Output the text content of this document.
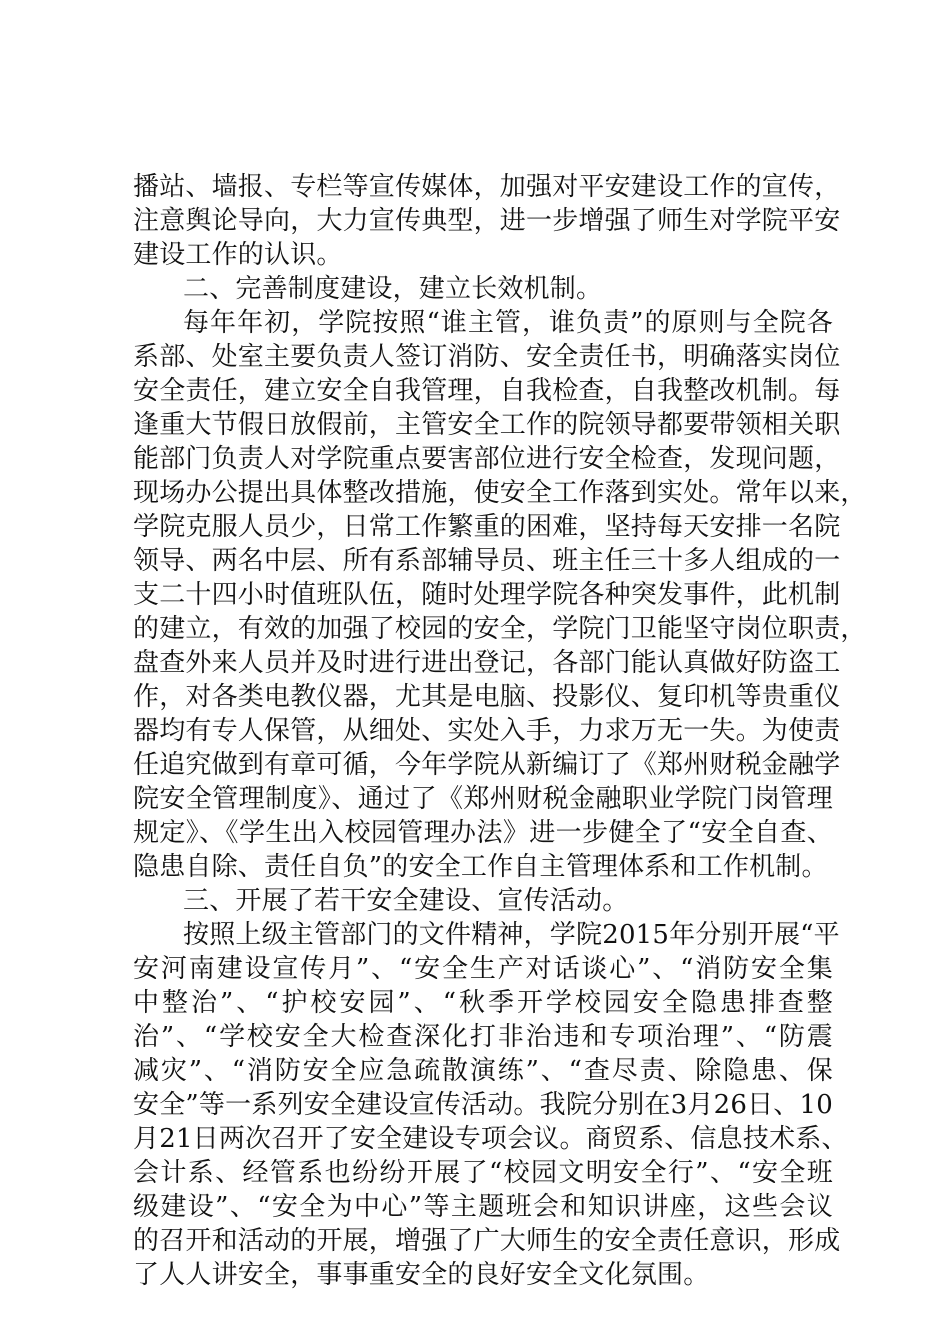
播站、墙报、专栏等宣传媒体，加强对平安建设工作的宣传，
注意舆论导向，大力宣传典型，进一步增强了师生对学院平安
建设工作的认识。
二、完善制度建设，建立长效机制。
每年年初，学院按照“谁主管，谁负责”的原则与全院各
系部、处室主要负责人签订消防、安全责任书，明确落实岗位
安全责任，建立安全自我管理，自我检查，自我整改机制。每
逢重大节假日放假前，主管安全工作的院领导都要带领相关职
能部门负责人对学院重点要害部位进行安全检查，发现问题，
现场办公提出具体整改措施，使安全工作落到实处。常年以来，
学院克服人员少，日常工作繁重的困难，坚持每天安排一名院
领导、两名中层、所有系部辅导员、班主任三十多人组成的一
支二十四小时值班队伍，随时处理学院各种突发事件，此机制
的建立，有效的加强了校园的安全，学院门卫能坚守岗位职责，
盘查外来人员并及时进行进出登记，各部门能认真做好防盗工
作，对各类电教仪器，尤其是电脑、投影仪、复印机等贵重仪
器均有专人保管，从细处、实处入手，力求万无一失。为使责
任追究做到有章可循，今年学院从新编订了《郑州财税金融学
院安全管理制度》、通过了《郑州财税金融职业学院门岗管理
规定》、《学生出入校园管理办法》进一步健全了“安全自查、
隐患自除、责任自负”的安全工作自主管理体系和工作机制。
三、开展了若干安全建设、宣传活动。
按照上级主管部门的文件精神，学院2015年分别开展“平
安河南建设宣传月”、“安全生产对话谈心”、“消防安全集
中整治”、“护校安园”、“秋季开学校园安全隐患排查整
治”、“学校安全大检查深化打非治违和专项治理”、“防震
减灾”、“消防安全应急疏散演练”、“查尽责、除隐患、保
安全”等一系列安全建设宣传活动。我院分别在3月26日、10
月21日两次召开了安全建设专项会议。商贸系、信息技术系、
会计系、经管系也纷纷开展了“校园文明安全行”、“安全班
级建设”、“安全为中心”等主题班会和知识讲座，这些会议
的召开和活动的开展，增强了广大师生的安全责任意识，形成
了人人讲安全，事事重安全的良好安全文化氛围。
